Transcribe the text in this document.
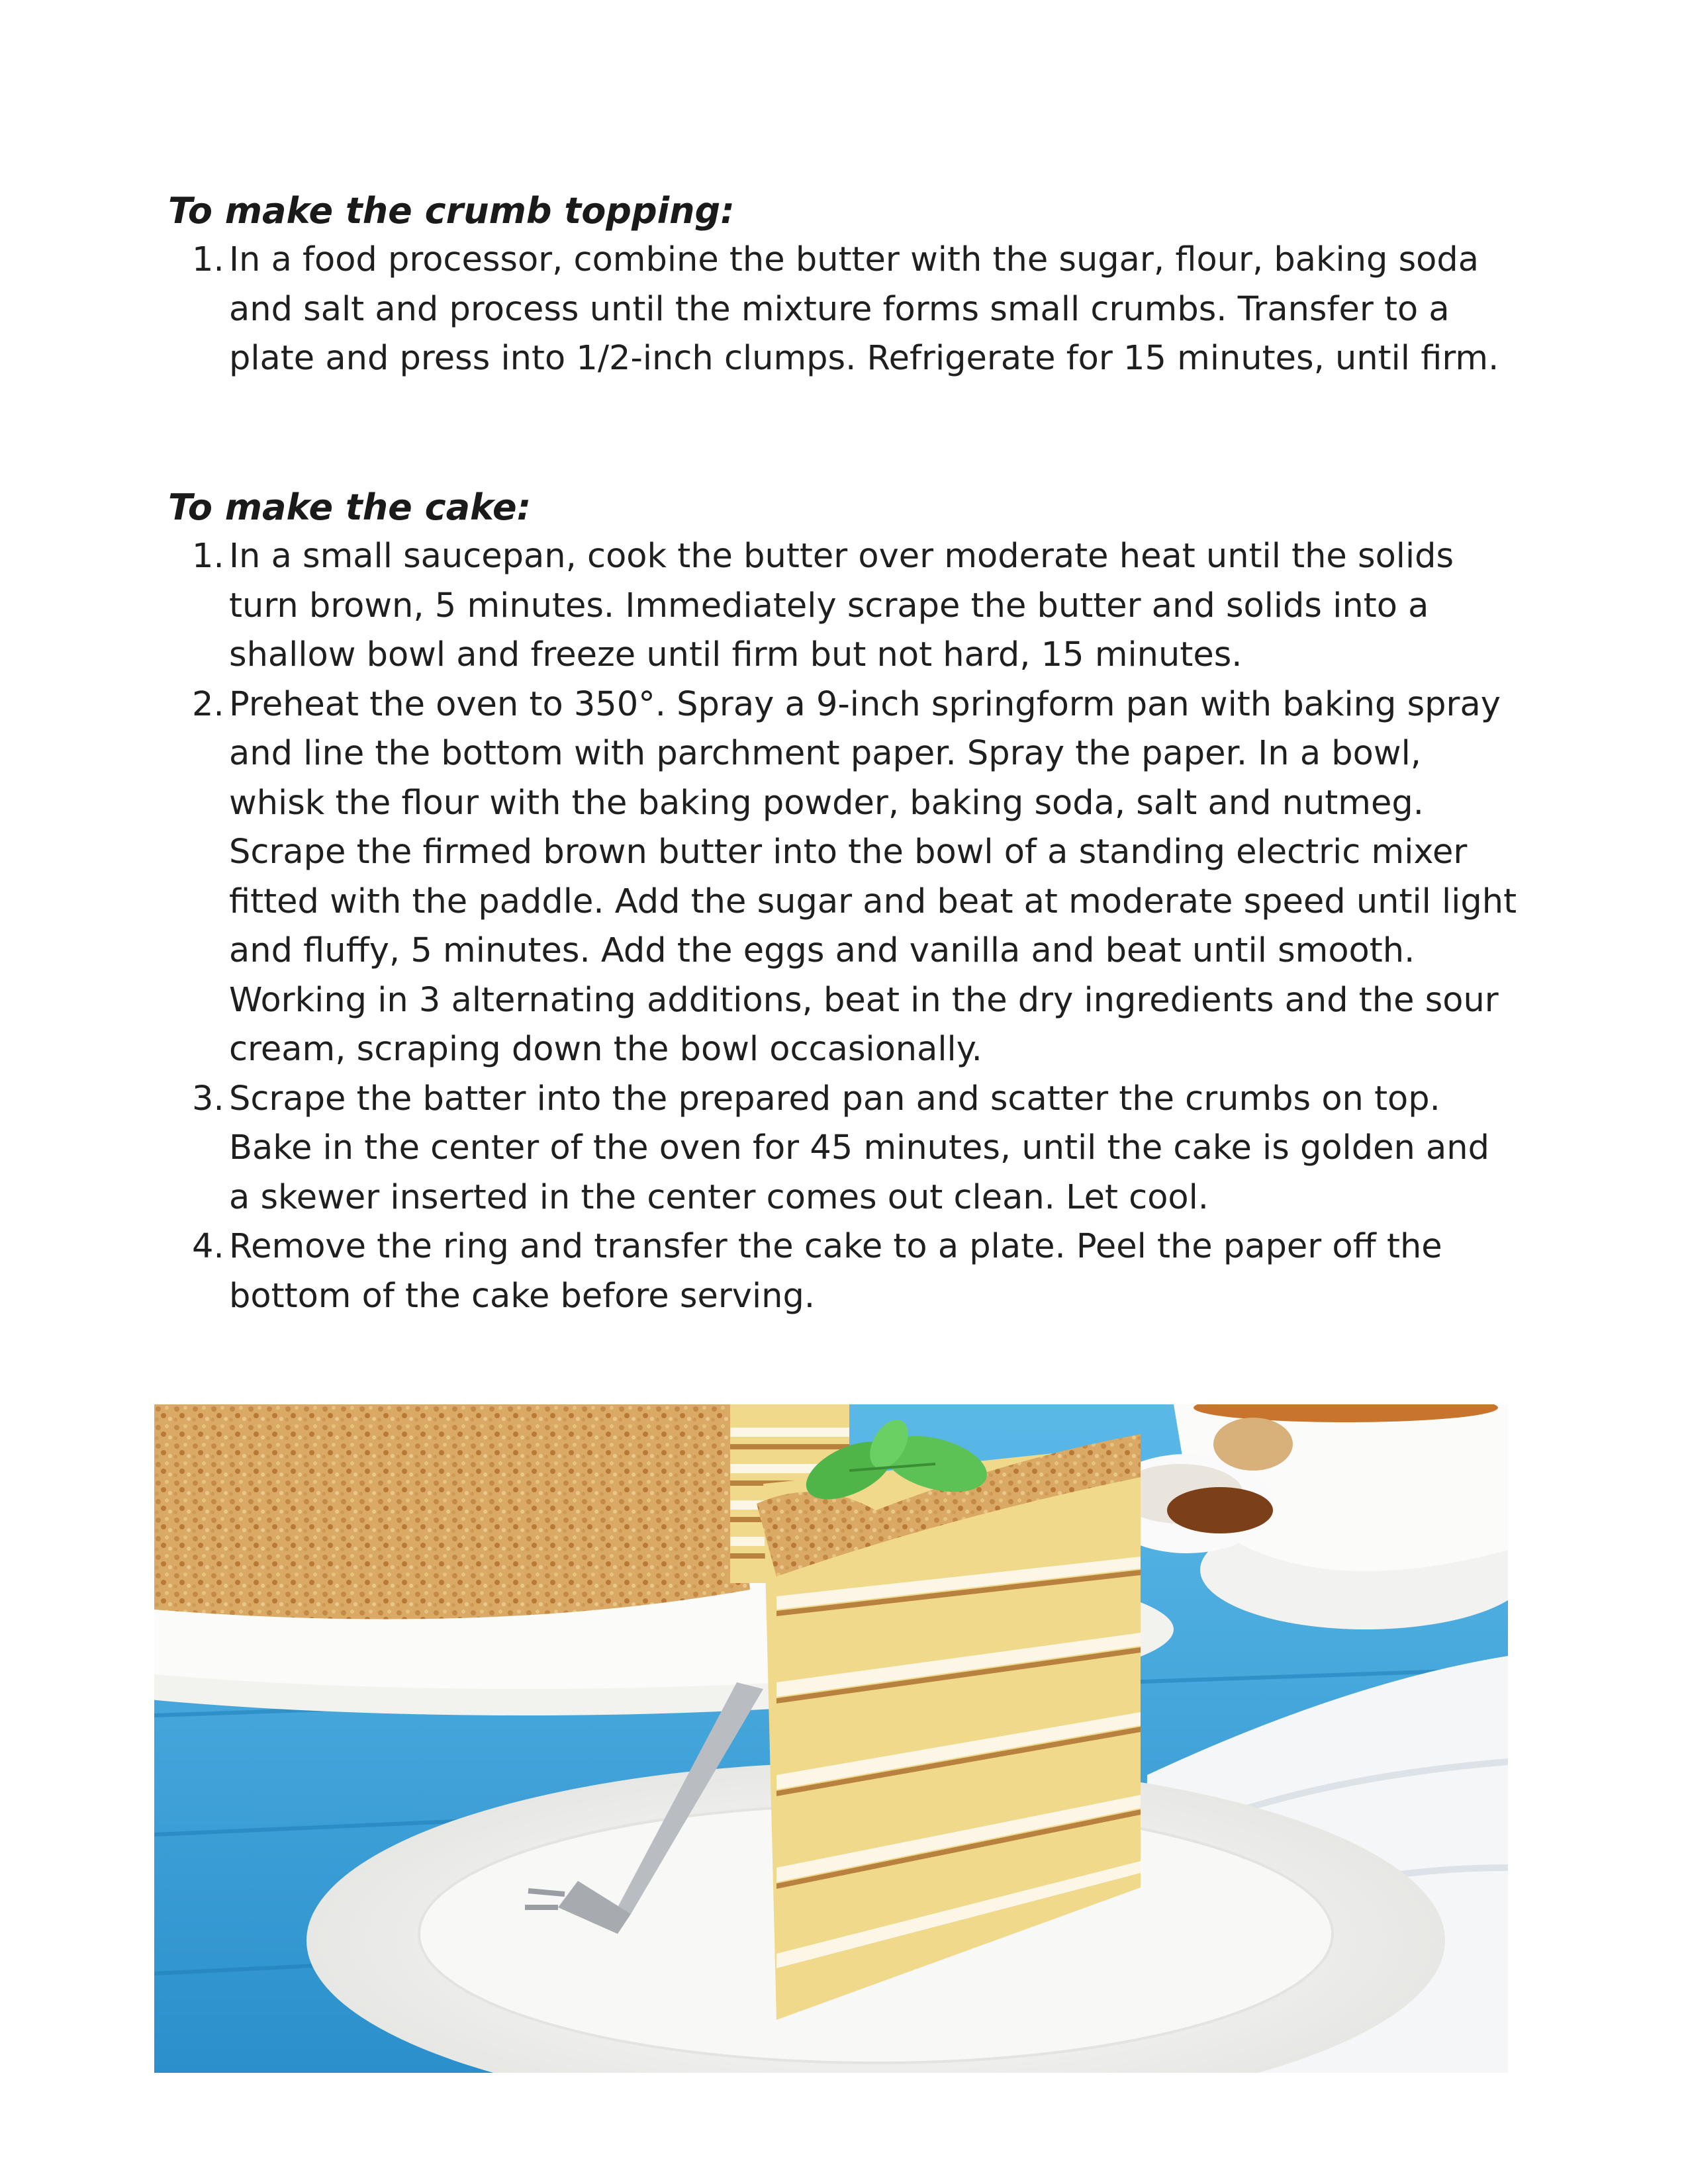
To make the crumb topping:
1. In a food processor, combine the butter with the sugar, flour, baking soda and salt and process until the mixture forms small crumbs. Transfer to a plate and press into 1/2-inch clumps. Refrigerate for 15 minutes, until firm.
To make the cake:
1. In a small saucepan, cook the butter over moderate heat until the solids turn brown, 5 minutes. Immediately scrape the butter and solids into a shallow bowl and freeze until firm but not hard, 15 minutes.
2. Preheat the oven to 350°. Spray a 9-inch springform pan with baking spray and line the bottom with parchment paper. Spray the paper. In a bowl, whisk the flour with the baking powder, baking soda, salt and nutmeg. Scrape the firmed brown butter into the bowl of a standing electric mixer fitted with the paddle. Add the sugar and beat at moderate speed until light and fluffy, 5 minutes. Add the eggs and vanilla and beat until smooth. Working in 3 alternating additions, beat in the dry ingredients and the sour cream, scraping down the bowl occasionally.
3. Scrape the batter into the prepared pan and scatter the crumbs on top. Bake in the center of the oven for 45 minutes, until the cake is golden and a skewer inserted in the center comes out clean. Let cool.
4. Remove the ring and transfer the cake to a plate. Peel the paper off the bottom of the cake before serving.
